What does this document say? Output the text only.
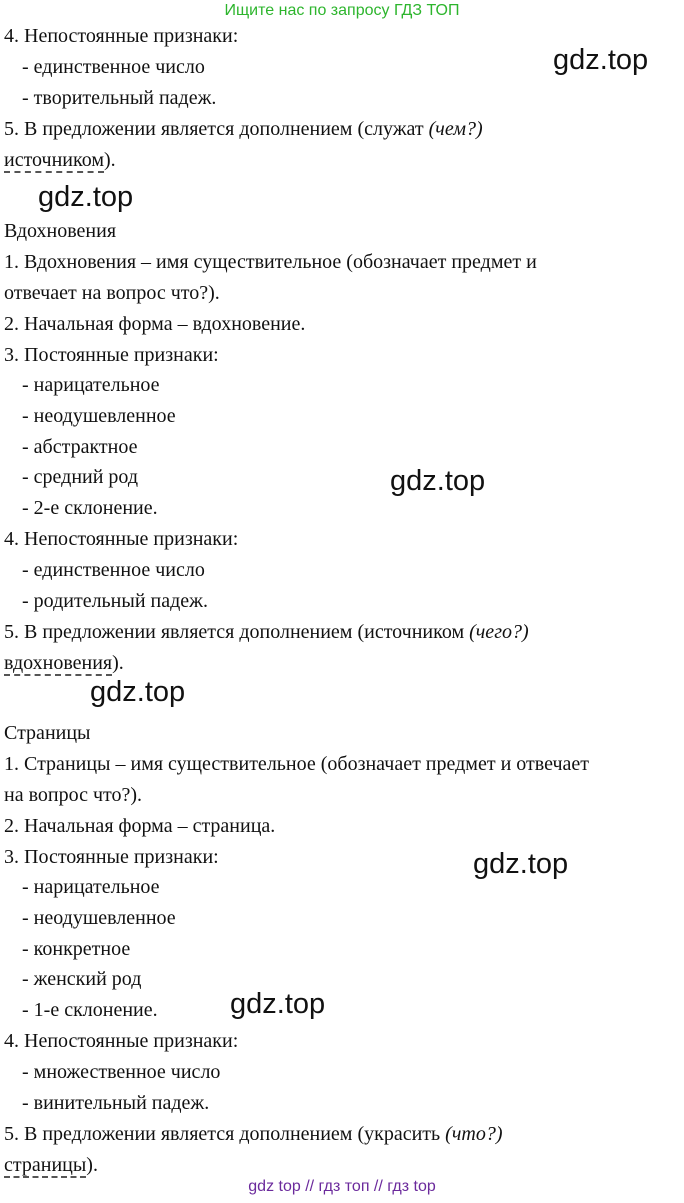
Ищите нас по запросу ГДЗ ТОП
4. Непостоянные признаки:
- единственное число
- творительный падеж.
5. В предложении является дополнением (служат (чем?)
источником).
Вдохновения
1. Вдохновения – имя существительное (обозначает предмет и
отвечает на вопрос что?).
2. Начальная форма – вдохновение.
3. Постоянные признаки:
- нарицательное
- неодушевленное
- абстрактное
- средний род
- 2-е склонение.
4. Непостоянные признаки:
- единственное число
- родительный падеж.
5. В предложении является дополнением (источником (чего?)
вдохновения).
Страницы
1. Страницы – имя существительное (обозначает предмет и отвечает
на вопрос что?).
2. Начальная форма – страница.
3. Постоянные признаки:
- нарицательное
- неодушевленное
- конкретное
- женский род
- 1-е склонение.
4. Непостоянные признаки:
- множественное число
- винительный падеж.
5. В предложении является дополнением (украсить (что?)
страницы).
gdz.top
gdz.top
gdz.top
gdz.top
gdz.top
gdz.top
gdz top // гдз топ // гдз top
